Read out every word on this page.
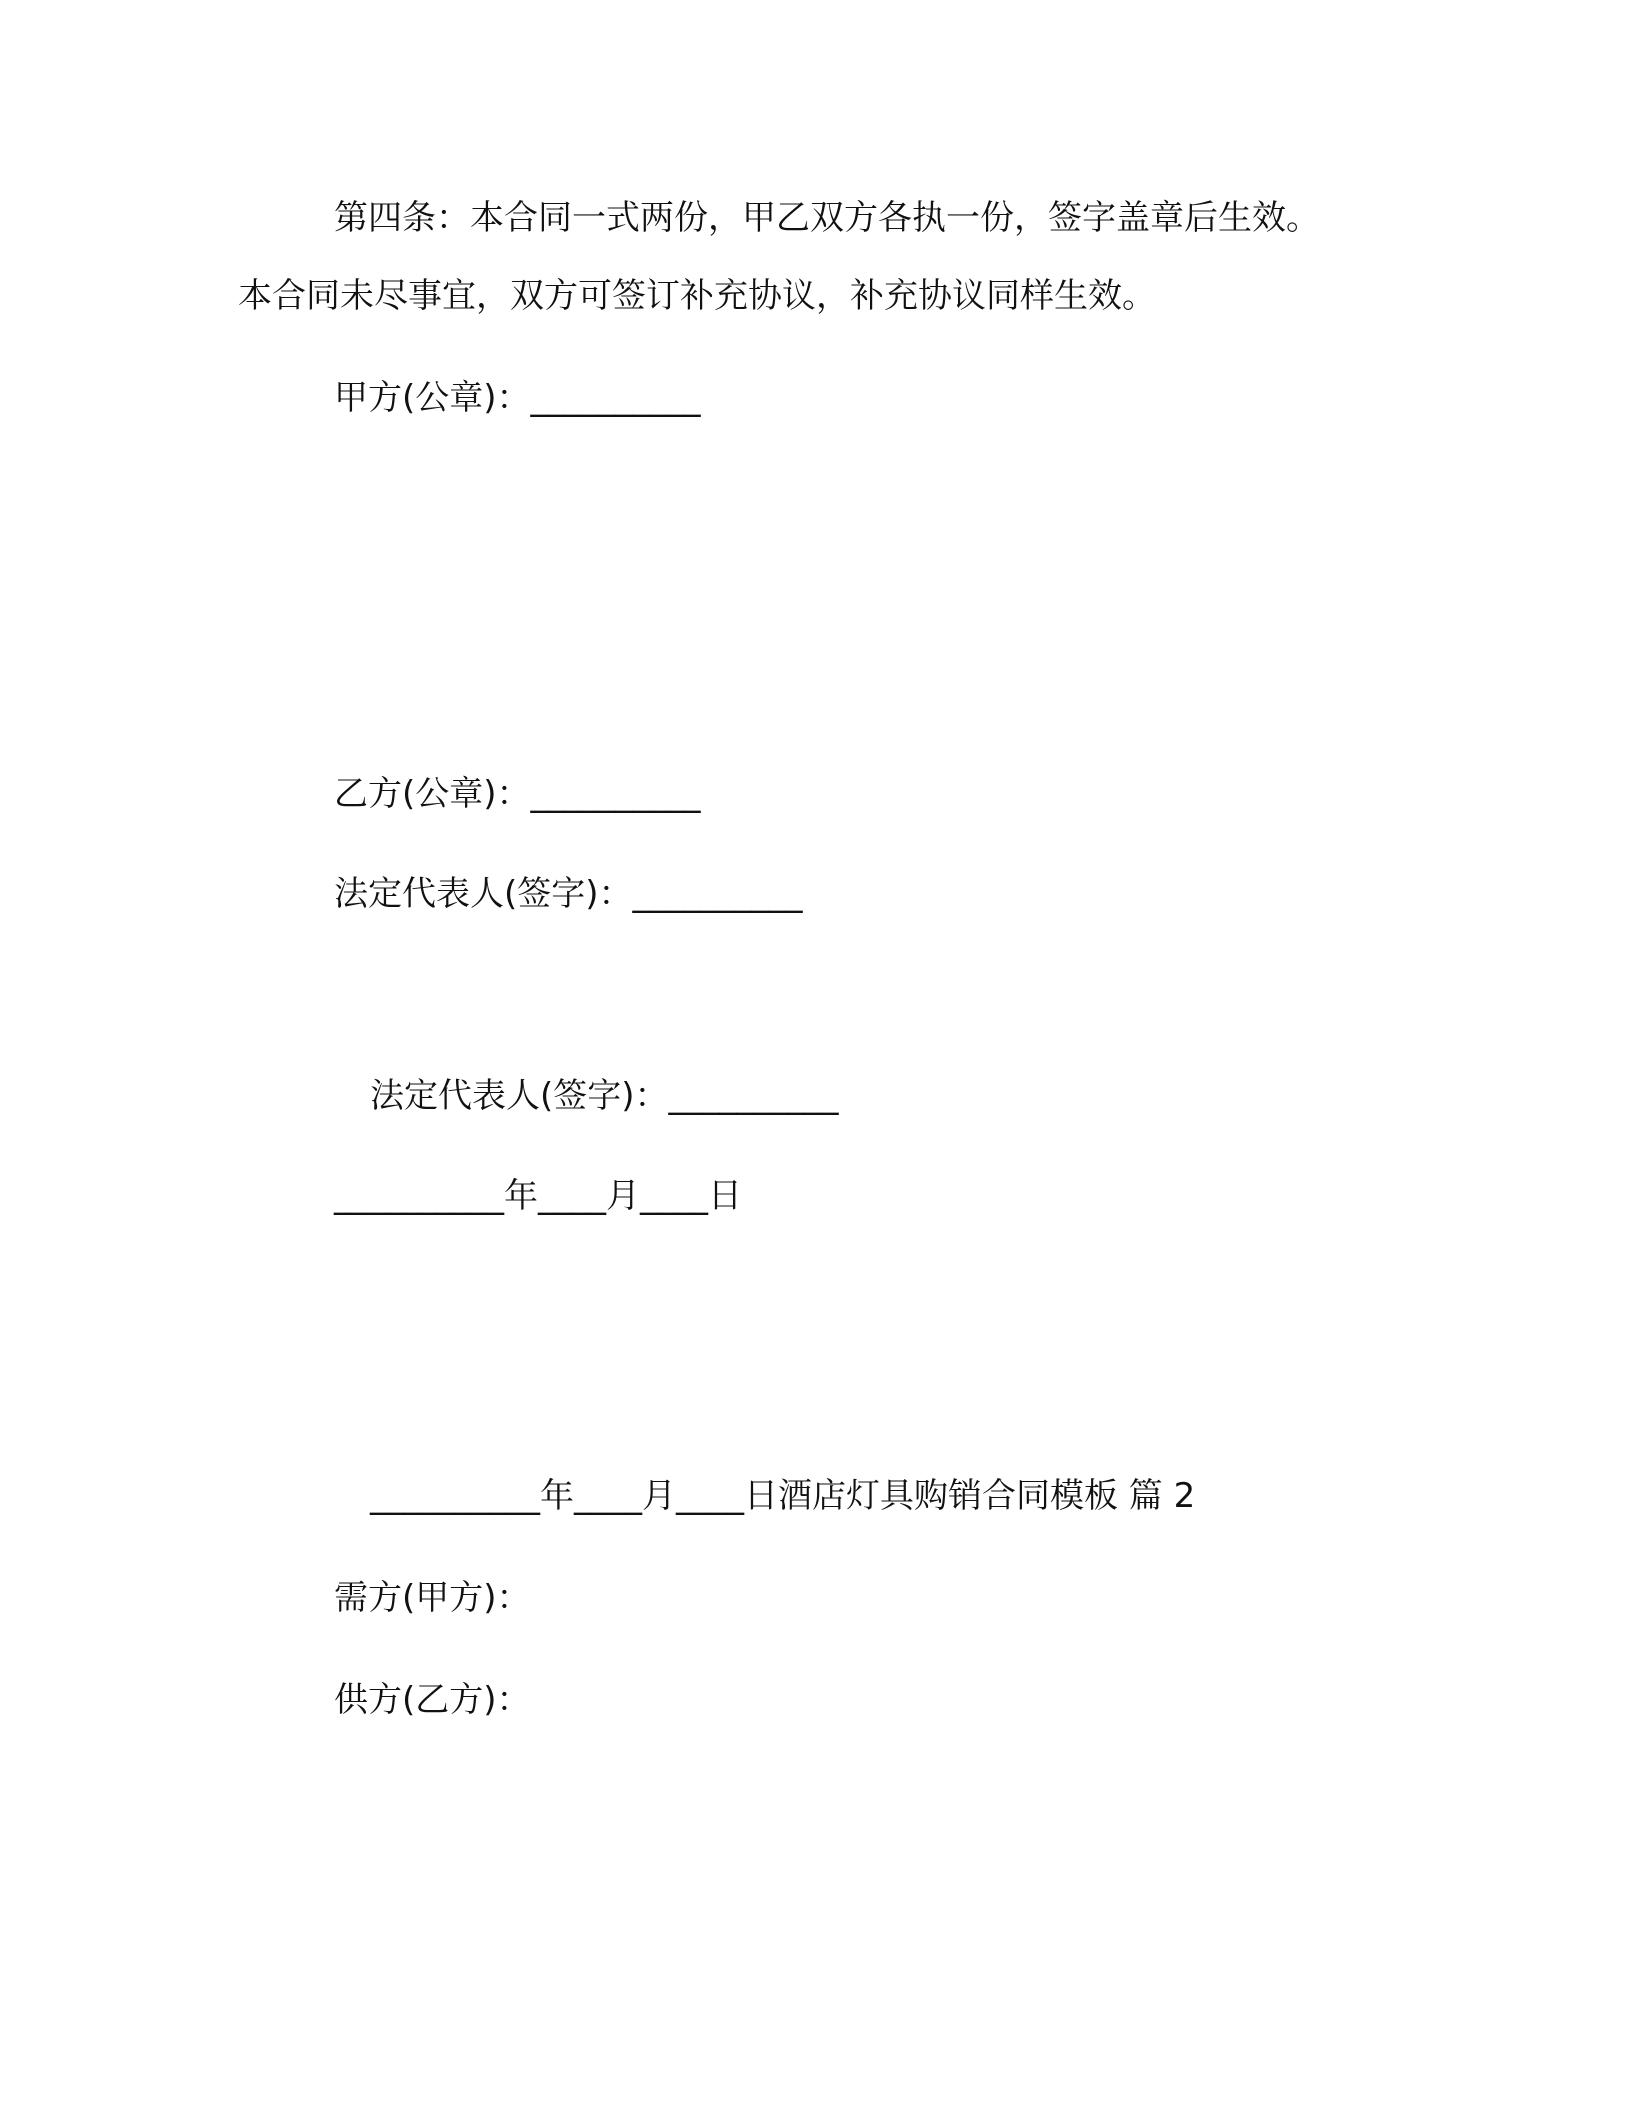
第四条：本合同一式两份，甲乙双方各执一份，签字盖章后生效。
本合同未尽事宜，双方可签订补充协议，补充协议同样生效。
甲方(公章)：__________
乙方(公章)：__________
法定代表人(签字)：__________
法定代表人(签字)：__________
__________年____月____日
__________年____月____日酒店灯具购销合同模板 篇 2
需方(甲方)：
供方(乙方)：
